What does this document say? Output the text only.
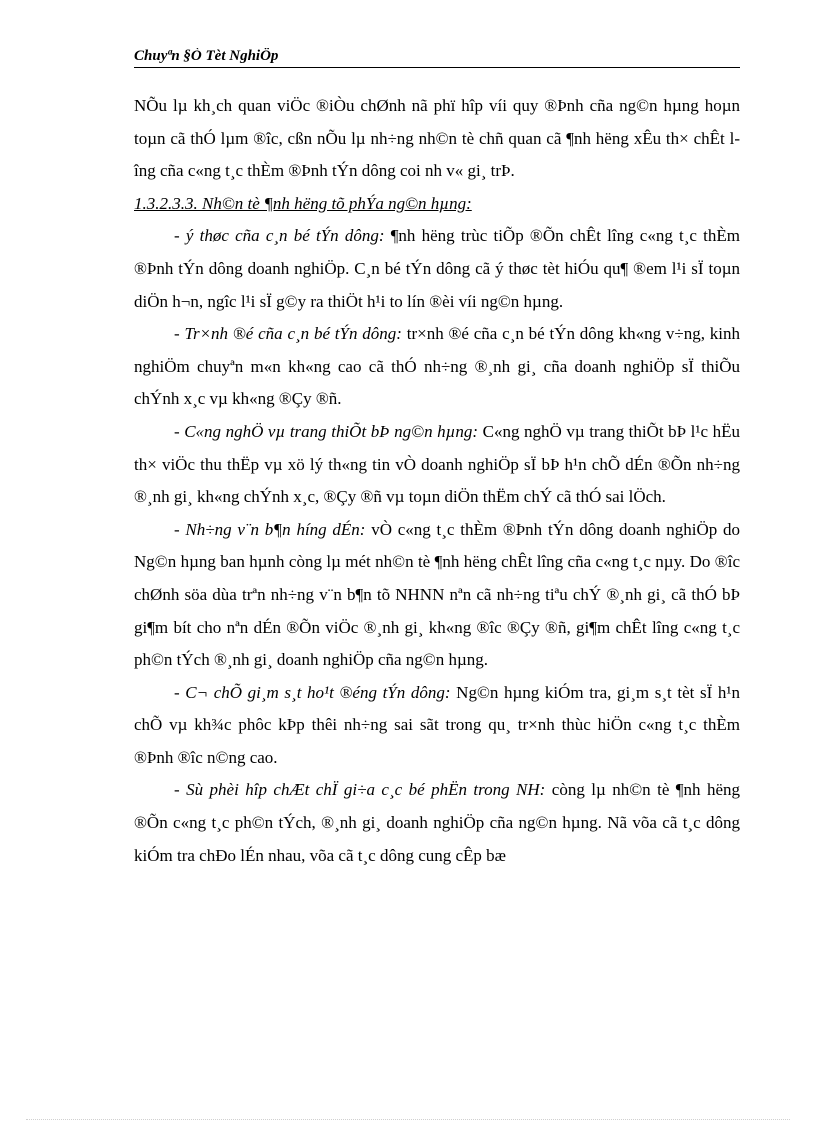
Chuyªn §Ò Tèt NghiÖp

NÕu lµ kh¸ch quan viÖc ®iÒu chØnh nã phï hîp víi quy ®Þnh cña ng©n hµng hoµn toµn cã thÓ lµm ®îc, cßn nÕu lµ nh÷ng nh©n tè chñ quan cã ¶nh hëng xÊu th× chÊt lîng cña c«ng t¸c thÈm ®Þnh tÝn dông coi nh v« gi¸ trÞ.

1.3.2.3.3. Nh©n tè ¶nh hëng tõ phÝa ng©n hµng:

- ý thøc cña c¸n bé tÝn dông: ¶nh hëng trùc tiÕp ®Õn chÊt lîng c«ng t¸c thÈm ®Þnh tÝn dông doanh nghiÖp. C¸n bé tÝn dông cã ý thøc tèt hiÓu qu¶ ®em l¹i sÏ toµn diÖn h¬n, ngîc l¹i sÏ g©y ra thiÖt h¹i to lín ®èi víi ng©n hµng.

- Tr×nh ®é cña c¸n bé tÝn dông: tr×nh ®é cña c¸n bé tÝn dông kh«ng v÷ng, kinh nghiÖm chuyªn m«n kh«ng cao cã thÓ nh÷ng ®¸nh gi¸ cña doanh nghiÖp sÏ thiÕu chÝnh x¸c vµ kh«ng ®Çy ®ñ.

- C«ng nghÖ vµ trang thiÕt bÞ ng©n hµng: C«ng nghÖ vµ trang thiÕt bÞ l¹c hËu th× viÖc thu thËp vµ xö lý th«ng tin vÒ doanh nghiÖp sÏ bÞ h¹n chÕ dÉn ®Õn nh÷ng ®¸nh gi¸ kh«ng chÝnh x¸c, ®Çy ®ñ vµ toµn diÖn thËm chÝ cã thÓ sai lÖch.

- Nh÷ng v¨n b¶n híng dÉn: vÒ c«ng t¸c thÈm ®Þnh tÝn dông doanh nghiÖp do Ng©n hµng ban hµnh còng lµ mét nh©n tè ¶nh hëng chÊt lîng cña c«ng t¸c nµy. Do ®îc chØnh söa dùa trªn nh÷ng v¨n b¶n tõ NHNN nªn cã nh÷ng tiªu chÝ ®¸nh gi¸ cã thÓ bÞ gi¶m bít cho nªn dÉn ®Õn viÖc ®¸nh gi¸ kh«ng ®îc ®Çy ®ñ, gi¶m chÊt lîng c«ng t¸c ph©n tÝch ®¸nh gi¸ doanh nghiÖp cña ng©n hµng.

- C¬ chÕ gi¸m s¸t ho¹t ®éng tÝn dông: Ng©n hµng kiÓm tra, gi¸m s¸t tèt sÏ h¹n chÕ vµ kh¾c phôc kÞp thêi nh÷ng sai sãt trong qu¸ tr×nh thùc hiÖn c«ng t¸c thÈm ®Þnh ®îc n©ng cao.

- Sù phèi hîp chÆt chÏ gi÷a c¸c bé phËn trong NH: còng lµ nh©n tè ¶nh hëng ®Õn c«ng t¸c ph©n tÝch, ®¸nh gi¸ doanh nghiÖp cña ng©n hµng. Nã võa cã t¸c dông kiÓm tra chÐo lÉn nhau, võa cã t¸c dông cung cÊp bæ
